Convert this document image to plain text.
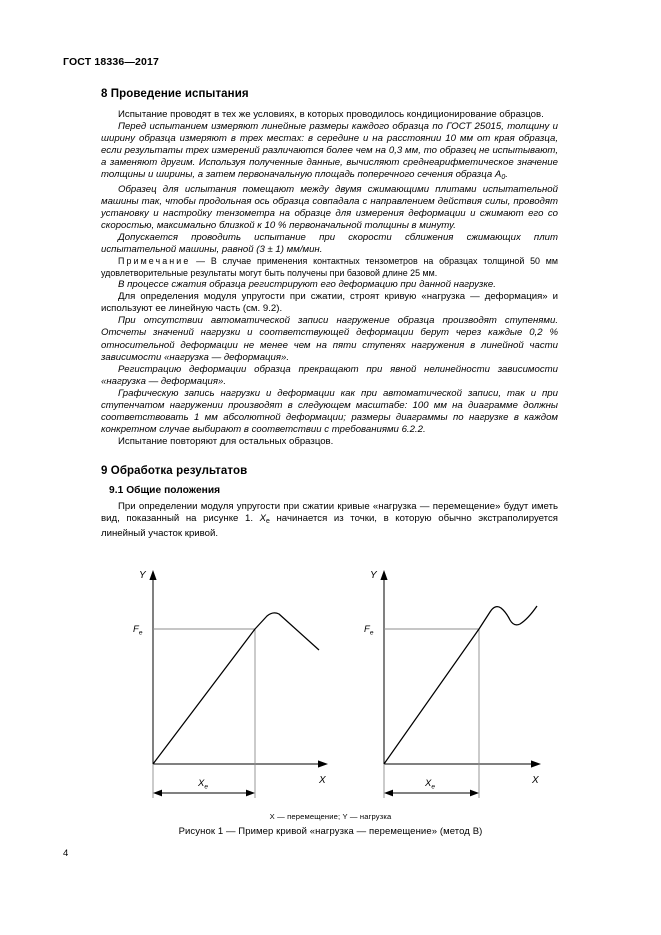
ГОСТ 18336—2017
8 Проведение испытания

Испытание проводят в тех же условиях, в которых проводилось кондиционирование образцов.

Перед испытанием измеряют линейные размеры каждого образца по ГОСТ 25015, толщину и ширину образца измеряют в трех местах: в середине и на расстоянии 10 мм от края образца, если результаты трех измерений различаются более чем на 0,3 мм, то образец не испытывают, а заменяют другим. Используя полученные данные, вычисляют среднеарифметическое значение толщины и ширины, а затем первоначальную площадь поперечного сечения образца $A_0$.

Образец для испытания помещают между двумя сжимающими плитами испытательной машины так, чтобы продольная ось образца совпадала с направлением действия силы, проводят установку и настройку тензометра на образце для измерения деформации и сжимают его со скоростью, максимально близкой к 10 % первоначальной толщины в минуту.

Допускается проводить испытание при скорости сближения сжимающих плит испытательной машины, равной (3 ± 1) мм/мин.

Примечание — В случае применения контактных тензометров на образцах толщиной 50 мм удовлетворительные результаты могут быть получены при базовой длине 25 мм.

В процессе сжатия образца регистрируют его деформацию при данной нагрузке.

Для определения модуля упругости при сжатии, строят кривую «нагрузка — деформация» и используют ее линейную часть (см. 9.2).

При отсутствии автоматической записи нагружение образца производят ступенями. Отсчеты значений нагрузки и соответствующей деформации берут через каждые 0,2 % относительной деформации не менее чем на пяти ступенях нагружения в линейной части зависимости «нагрузка — деформация».

Регистрацию деформации образца прекращают при явной нелинейности зависимости «нагрузка — деформация».

Графическую запись нагрузки и деформации как при автоматической записи, так и при ступенчатом нагружении производят в следующем масштабе: 100 мм на диаграмме должны соответствовать 1 мм абсолютной деформации; размеры диаграммы по нагрузке в каждом конкретном случае выбирают в соответствии с требованиями 6.2.2.

Испытание повторяют для остальных образцов.

9 Обработка результатов
9.1 Общие положения

При определении модуля упругости при сжатии кривые «нагрузка — перемещение» будут иметь вид, показанный на рисунке 1. $X_e$ начинается из точки, в которую обычно экстраполируется линейный участок кривой.

Y
X
$F_e$
$X_e$
Y
X
$F_e$
$X_e$
X — перемещение; Y — нагрузка
Рисунок 1 — Пример кривой «нагрузка — перемещение» (метод B)
4
